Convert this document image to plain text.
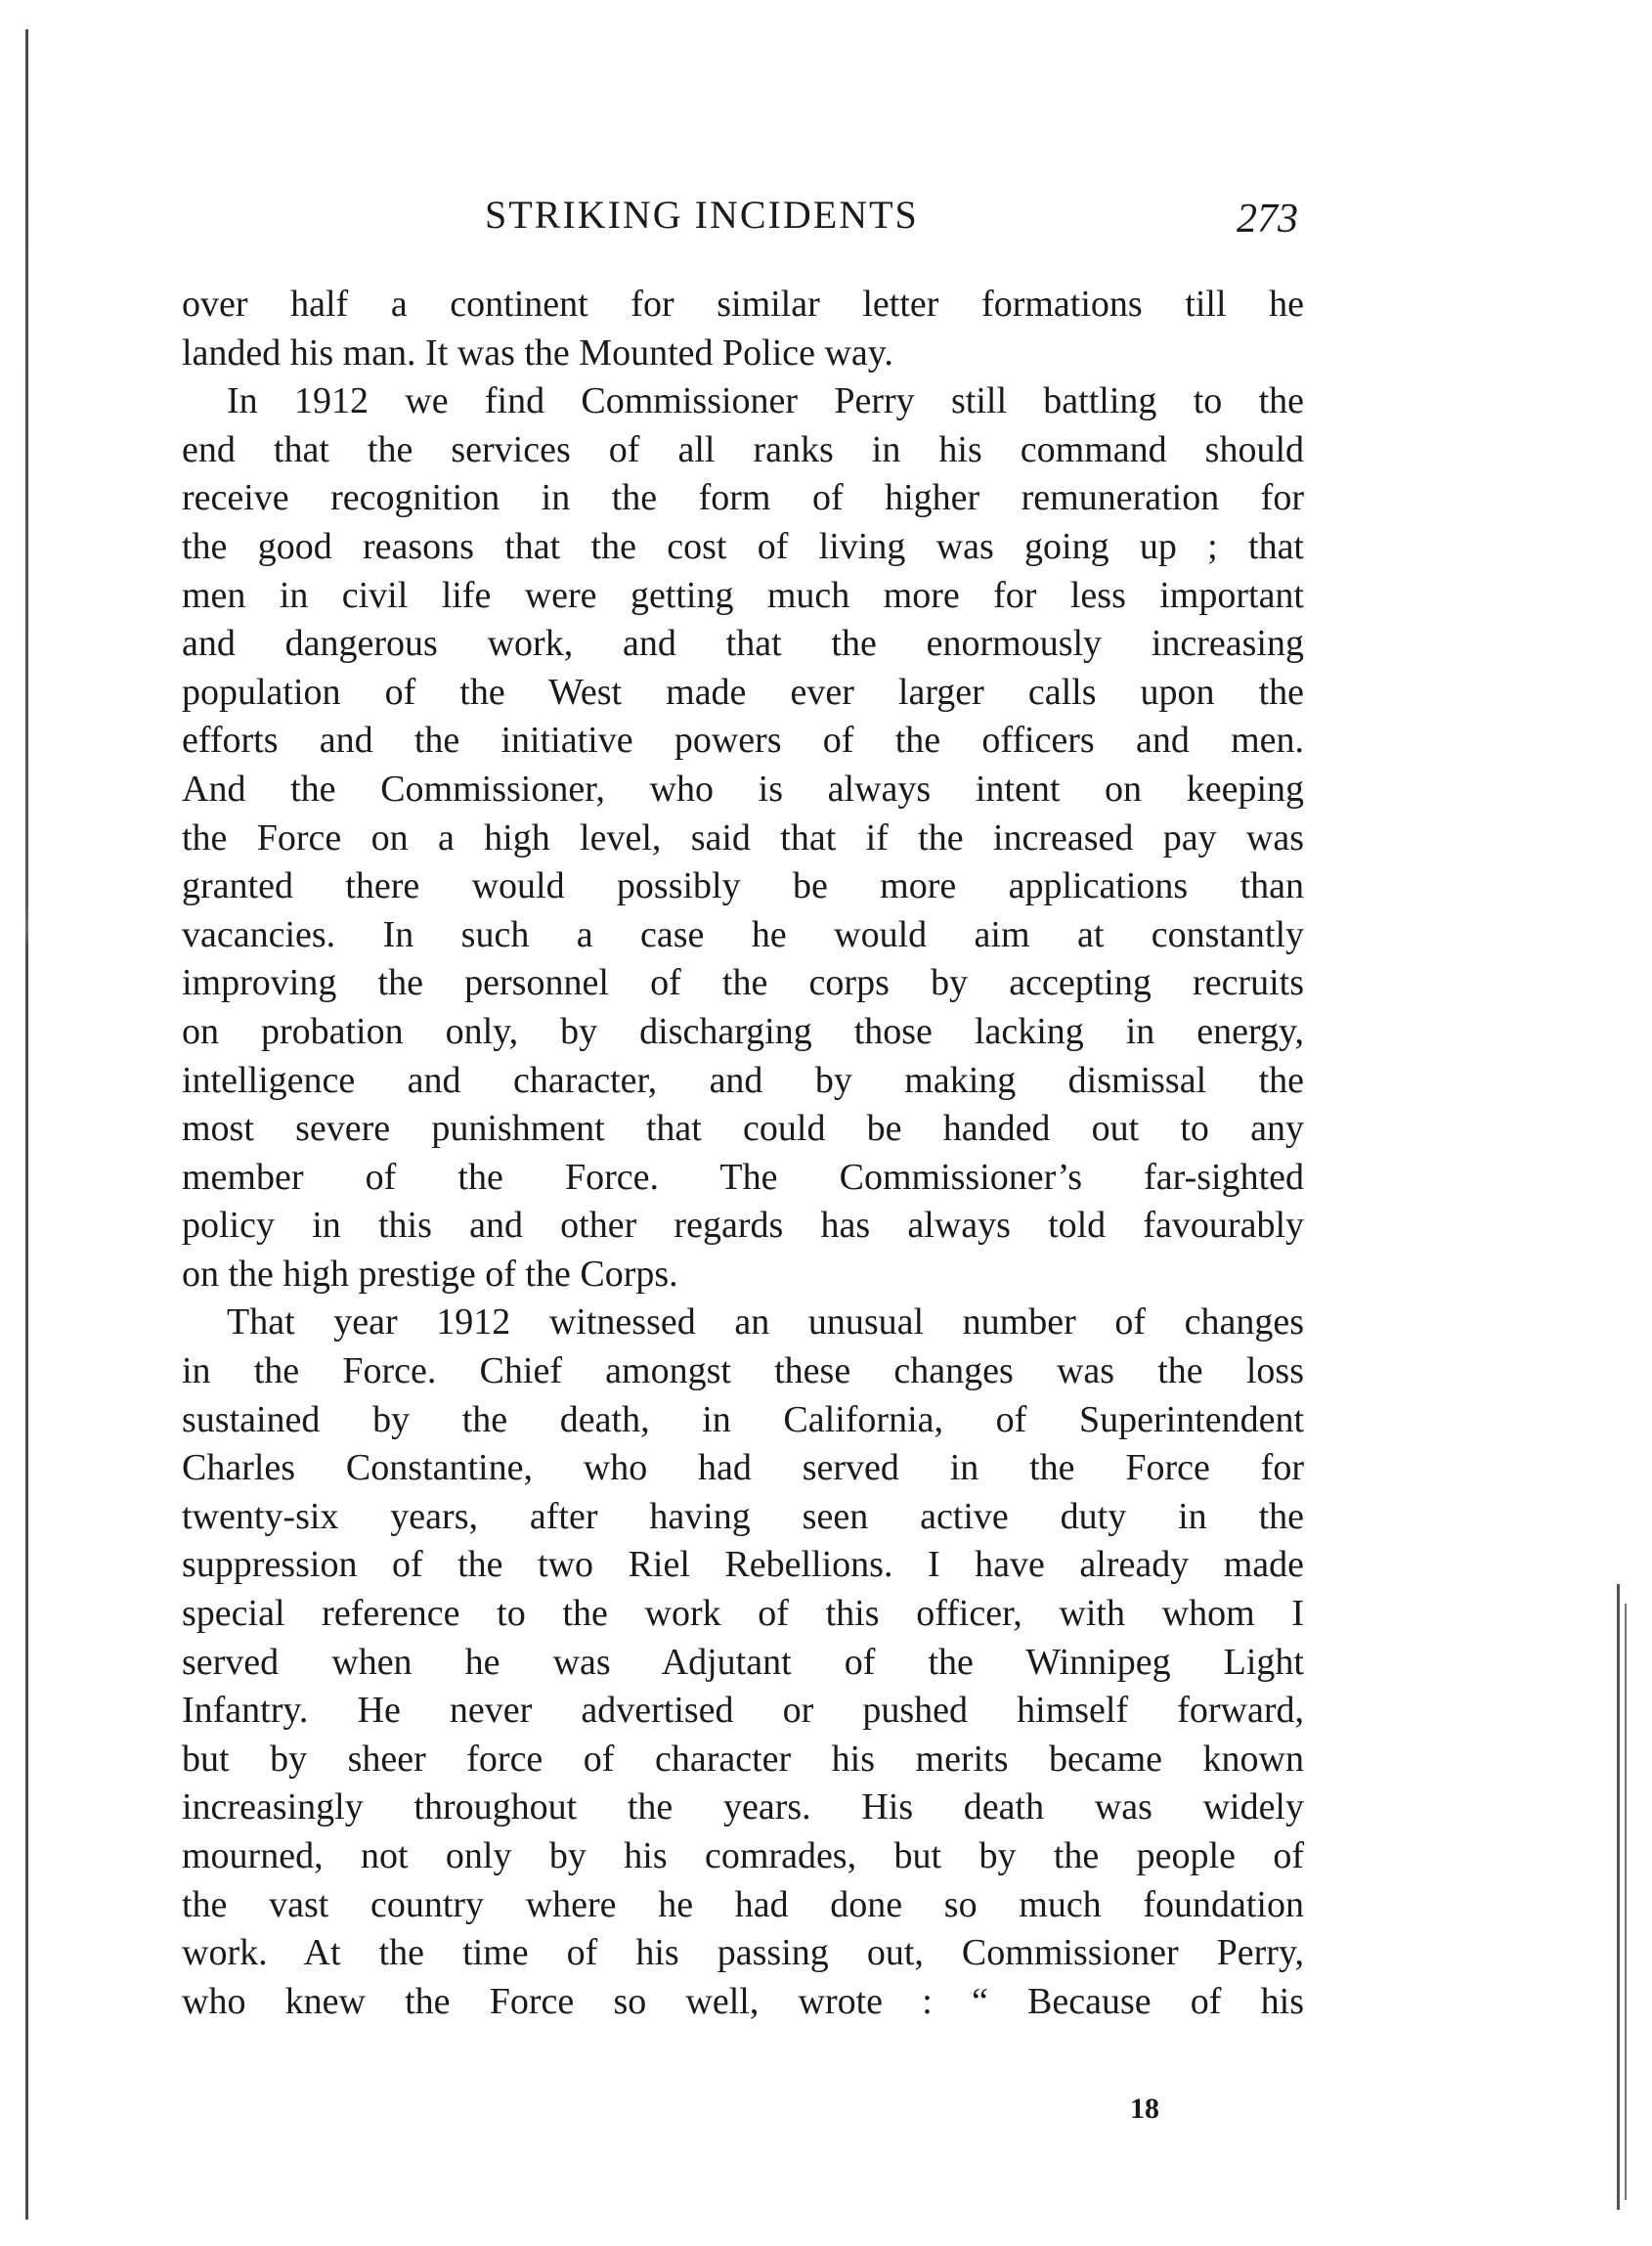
STRIKING INCIDENTS	273
over half a continent for similar letter formations till he
landed his man. It was the Mounted Police way.
In 1912 we find Commissioner Perry still battling to the
end that the services of all ranks in his command should
receive recognition in the form of higher remuneration for
the good reasons that the cost of living was going up ; that
men in civil life were getting much more for less important
and dangerous work, and that the enormously increasing
population of the West made ever larger calls upon the
efforts and the initiative powers of the officers and men.
And the Commissioner, who is always intent on keeping
the Force on a high level, said that if the increased pay was
granted there would possibly be more applications than
vacancies. In such a case he would aim at constantly
improving the personnel of the corps by accepting recruits
on probation only, by discharging those lacking in energy,
intelligence and character, and by making dismissal the
most severe punishment that could be handed out to any
member of the Force. The Commissioner’s far-sighted
policy in this and other regards has always told favourably
on the high prestige of the Corps.
That year 1912 witnessed an unusual number of changes
in the Force. Chief amongst these changes was the loss
sustained by the death, in California, of Superintendent
Charles Constantine, who had served in the Force for
twenty-six years, after having seen active duty in the
suppression of the two Riel Rebellions. I have already made
special reference to the work of this officer, with whom I
served when he was Adjutant of the Winnipeg Light
Infantry. He never advertised or pushed himself forward,
but by sheer force of character his merits became known
increasingly throughout the years. His death was widely
mourned, not only by his comrades, but by the people of
the vast country where he had done so much foundation
work. At the time of his passing out, Commissioner Perry,
who knew the Force so well, wrote : “ Because of his
18
